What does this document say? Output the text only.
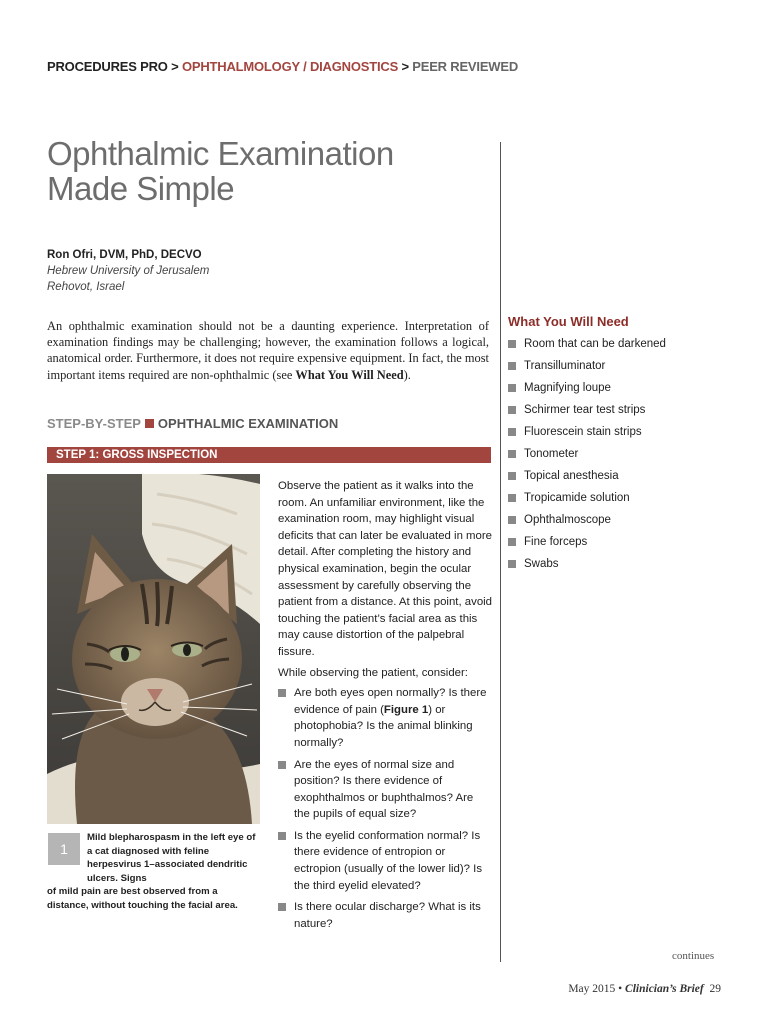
PROCEDURES PRO > OPHTHALMOLOGY / DIAGNOSTICS > PEER REVIEWED
Ophthalmic Examination
Made Simple
Ron Ofri, DVM, PhD, DECVO
Hebrew University of Jerusalem
Rehovot, Israel
An ophthalmic examination should not be a daunting experience. Interpretation of examination findings may be challenging; however, the examination follows a logical, anatomical order. Furthermore, it does not require expensive equipment. In fact, the most important items required are non-ophthalmic (see What You Will Need).
STEP-BY-STEP OPHTHALMIC EXAMINATION
STEP 1: GROSS INSPECTION
1
Mild blepharospasm in the left eye of a cat diagnosed with feline herpesvirus 1–associated dendritic ulcers. Signs
of mild pain are best observed from a distance, without touching the facial area.

Observe the patient as it walks into the room. An unfamiliar environment, like the examination room, may highlight visual deficits that can later be evaluated in more detail. After completing the history and physical examination, begin the ocular assessment by carefully observing the patient from a distance. At this point, avoid touching the patient’s facial area as this may cause distortion of the palpebral fissure.

While observing the patient, consider:

Are both eyes open normally? Is there evidence of pain (Figure 1) or photophobia? Is the animal blinking normally?
Are the eyes of normal size and position? Is there evidence of exophthalmos or buphthalmos? Are the pupils of equal size?
Is the eyelid conformation normal? Is there evidence of entropion or ectropion (usually of the lower lid)? Is the third eyelid elevated?
Is there ocular discharge? What is its nature?
What You Will Need
Room that can be darkened
Transilluminator
Magnifying loupe
Schirmer tear test strips
Fluorescein stain strips
Tonometer
Topical anesthesia
Tropicamide solution
Ophthalmoscope
Fine forceps
Swabs
continues
May 2015 • Clinician’s Brief  29
